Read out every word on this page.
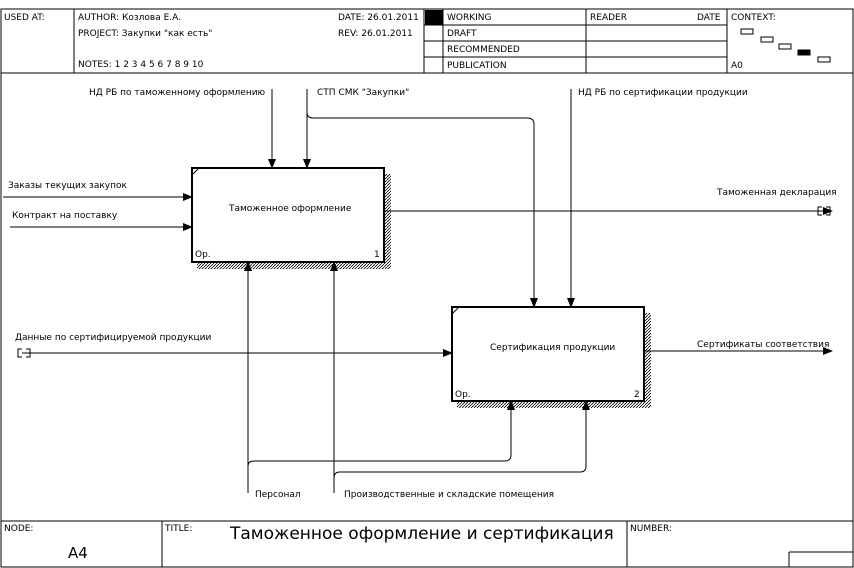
USED AT:	AUTHOR: Козлова Е.А.
PROJECT: Закупки "как есть"
NOTES: 1 2 3 4 5 6 7 8 9 10
DATE: 26.01.2011
REV: 26.01.2011
WORKING
DRAFT
RECOMMENDED
PUBLICATION
READER	DATE CONTEXT:
A0
Таможенное оформление
Ор.	1
Сертификация продукции
Ор.	2
НД РБ по таможенному оформлению	СТП СМК "Закупки"	НД РБ по сертификации продукции
Заказы текущих закупок
Контракт на поставку
Данные по сертифицируемой продукции
Таможенная декларация
Сертификаты соответствия
Персонал	Производственные и складские помещения
NODE:
A4
TITLE: Таможенное оформление и сертификация NUMBER:
